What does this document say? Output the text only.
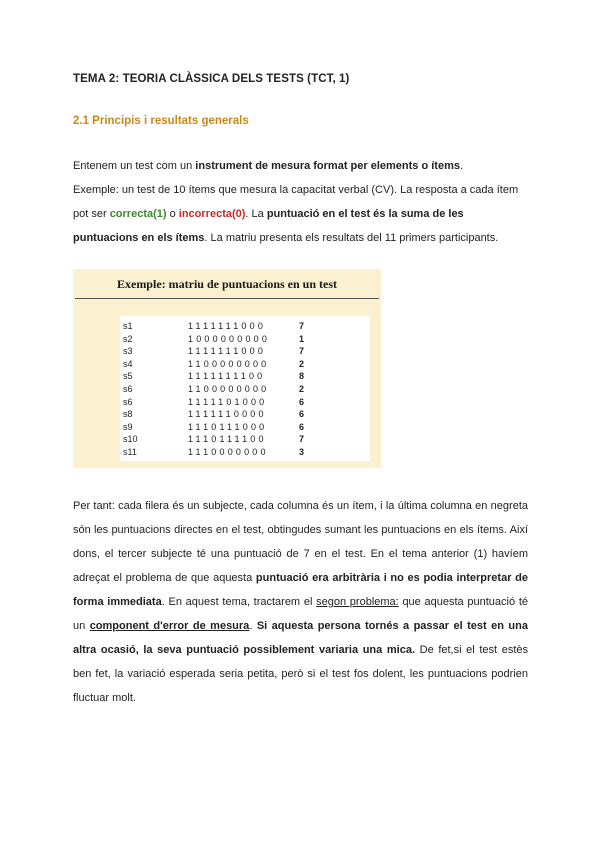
TEMA 2: TEORIA CLÀSSICA DELS TESTS (TCT, 1)
2.1 Principis i resultats generals

Entenem un test com un instrument de mesura format per elements o ítems.
Exemple: un test de 10 ítems que mesura la capacitat verbal (CV). La resposta a cada ítem pot ser correcta(1) o incorrecta(0). La puntuació en el test és la suma de les puntuacions en els ítems. La matriu presenta els resultats del 11 primers participants.

Exemple: matriu de puntuacions en un test
s1	1111111000	7
s2	1000000000	1
s3	1111111000	7
s4	1100000000	2
s5	1111111100	8
s6	1100000000	2
s6	1111101000	6
s8	1111110000	6
s9	1110111000	6
s10	1110111100	7
s11	1110000000	3

Per tant: cada filera és un subjecte, cada columna és un ítem, i la última columna en negreta són les puntuacions directes en el test, obtingudes sumant les puntuacions en els ítems. Així dons, el tercer subjecte té una puntuació de 7 en el test. En el tema anterior (1) havíem adreçat el problema de que aquesta puntuació era arbitrària i no es podia interpretar de forma immediata. En aquest tema, tractarem el segon problema: que aquesta puntuació té un component d'error de mesura. Si aquesta persona tornés a passar el test en una altra ocasió, la seva puntuació possiblement variaria una mica. De fet,si el test estès ben fet, la variació esperada seria petita, però si el test fos dolent, les puntuacions podrien fluctuar molt.
